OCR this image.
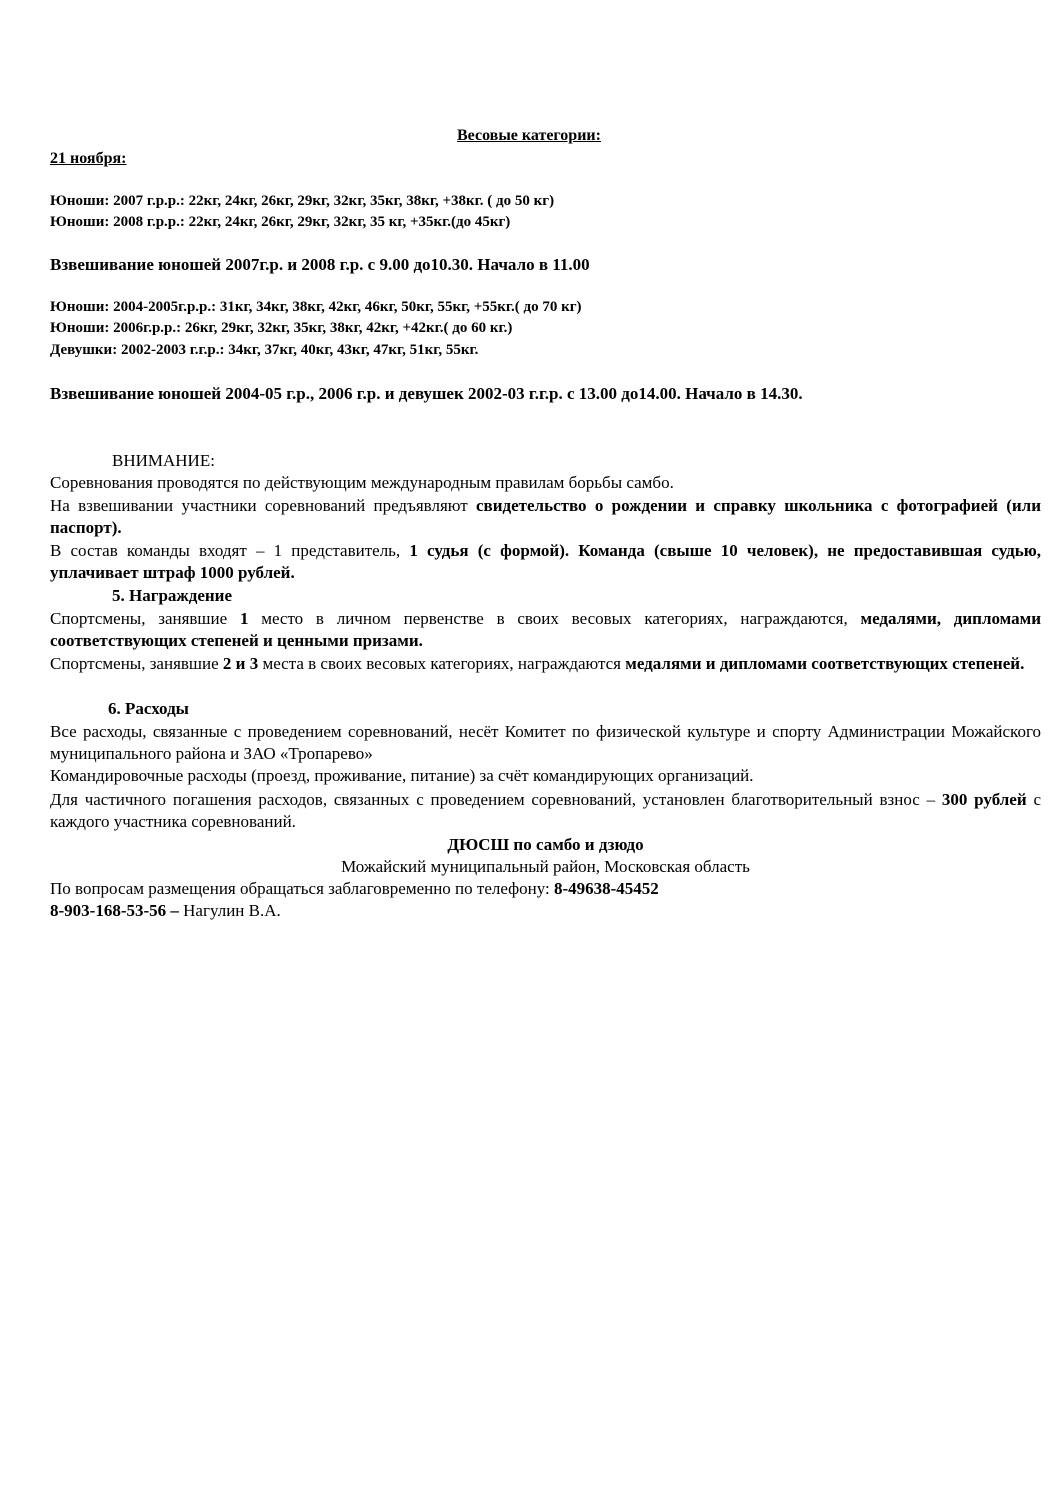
Весовые категории:
21 ноября:
Юноши: 2007 г.р.р.: 22кг, 24кг, 26кг, 29кг, 32кг, 35кг, 38кг, +38кг. ( до 50 кг)
Юноши: 2008 г.р.р.: 22кг, 24кг, 26кг, 29кг, 32кг, 35 кг, +35кг.(до 45кг)
Взвешивание юношей 2007г.р. и 2008 г.р. с 9.00 до10.30. Начало в 11.00
Юноши: 2004-2005г.р.р.: 31кг, 34кг, 38кг, 42кг, 46кг, 50кг, 55кг, +55кг.( до 70 кг)
Юноши: 2006г.р.р.: 26кг, 29кг, 32кг, 35кг, 38кг, 42кг, +42кг.( до 60 кг.)
Девушки: 2002-2003 г.г.р.: 34кг, 37кг, 40кг, 43кг, 47кг, 51кг, 55кг.
Взвешивание юношей 2004-05 г.р., 2006 г.р. и девушек 2002-03 г.г.р. с 13.00 до14.00. Начало в 14.30.
ВНИМАНИЕ:
Соревнования проводятся по действующим международным правилам борьбы самбо.
На взвешивании участники соревнований предъявляют свидетельство о рождении и справку школьника с фотографией (или паспорт).
В состав команды входят – 1 представитель, 1 судья (с формой). Команда (свыше 10 человек), не предоставившая судью, уплачивает штраф 1000 рублей.
5. Награждение
Спортсмены, занявшие 1 место в личном первенстве в своих весовых категориях, награждаются, медалями, дипломами соответствующих степеней и ценными призами.
Спортсмены, занявшие 2 и 3 места в своих весовых категориях, награждаются медалями и дипломами соответствующих степеней.
6. Расходы
Все расходы, связанные с проведением соревнований, несёт Комитет по физической культуре и спорту Администрации Можайского муниципального района и ЗАО «Тропарево»
Командировочные расходы (проезд, проживание, питание) за счёт командирующих организаций.
Для частичного погашения расходов, связанных с проведением соревнований, установлен благотворительный взнос – 300 рублей с каждого участника соревнований.
ДЮСШ по самбо и дзюдо
Можайский муниципальный район, Московская область
По вопросам размещения обращаться заблаговременно по телефону: 8-49638-45452
8-903-168-53-56 – Нагулин В.А.
